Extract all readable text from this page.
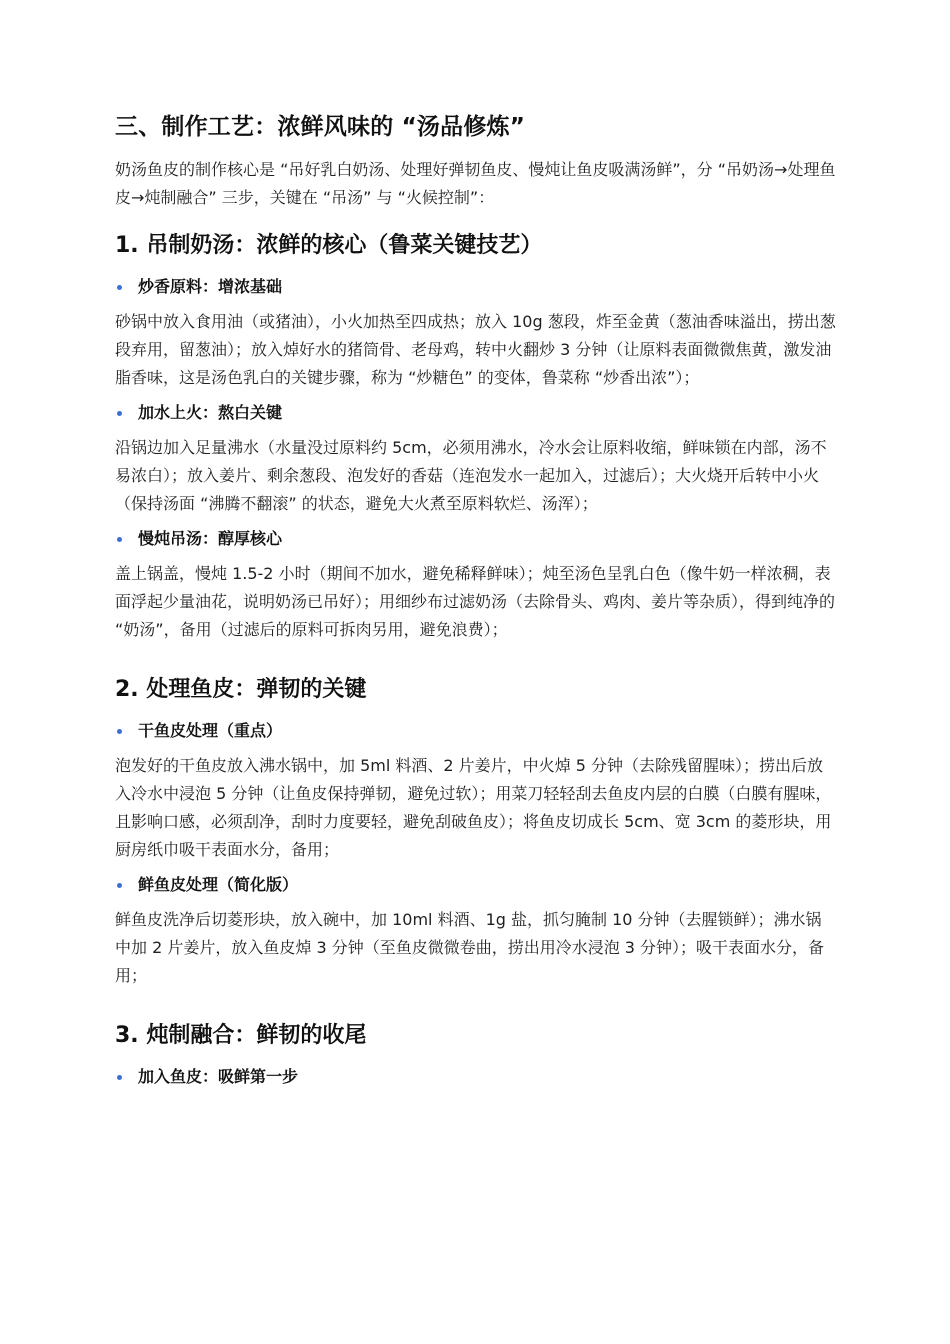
三、制作工艺：浓鲜风味的 “汤品修炼”
奶汤鱼皮的制作核心是 “吊好乳白奶汤、处理好弹韧鱼皮、慢炖让鱼皮吸满汤鲜”，分 “吊奶汤→处理鱼皮→炖制融合” 三步，关键在 “吊汤” 与 “火候控制”：
1. 吊制奶汤：浓鲜的核心（鲁菜关键技艺）
炒香原料：增浓基础
砂锅中放入食用油（或猪油），小火加热至四成热；放入 10g 葱段，炸至金黄（葱油香味溢出，捞出葱段弃用，留葱油）；放入焯好水的猪筒骨、老母鸡，转中火翻炒 3 分钟（让原料表面微微焦黄，激发油脂香味，这是汤色乳白的关键步骤，称为 “炒糖色” 的变体，鲁菜称 “炒香出浓”）；
加水上火：熬白关键
沿锅边加入足量沸水（水量没过原料约 5cm，必须用沸水，冷水会让原料收缩，鲜味锁在内部，汤不易浓白）；放入姜片、剩余葱段、泡发好的香菇（连泡发水一起加入，过滤后）；大火烧开后转中小火（保持汤面 “沸腾不翻滚” 的状态，避免大火煮至原料软烂、汤浑）；
慢炖吊汤：醇厚核心
盖上锅盖，慢炖 1.5-2 小时（期间不加水，避免稀释鲜味）；炖至汤色呈乳白色（像牛奶一样浓稠，表面浮起少量油花，说明奶汤已吊好）；用细纱布过滤奶汤（去除骨头、鸡肉、姜片等杂质），得到纯净的 “奶汤”，备用（过滤后的原料可拆肉另用，避免浪费）；
2. 处理鱼皮：弹韧的关键
干鱼皮处理（重点）
泡发好的干鱼皮放入沸水锅中，加 5ml 料酒、2 片姜片，中火焯 5 分钟（去除残留腥味）；捞出后放入冷水中浸泡 5 分钟（让鱼皮保持弹韧，避免过软）；用菜刀轻轻刮去鱼皮内层的白膜（白膜有腥味，且影响口感，必须刮净，刮时力度要轻，避免刮破鱼皮）；将鱼皮切成长 5cm、宽 3cm 的菱形块，用厨房纸巾吸干表面水分，备用；
鲜鱼皮处理（简化版）
鲜鱼皮洗净后切菱形块，放入碗中，加 10ml 料酒、1g 盐，抓匀腌制 10 分钟（去腥锁鲜）；沸水锅中加 2 片姜片，放入鱼皮焯 3 分钟（至鱼皮微微卷曲，捞出用冷水浸泡 3 分钟）；吸干表面水分，备用；
3. 炖制融合：鲜韧的收尾
加入鱼皮：吸鲜第一步
